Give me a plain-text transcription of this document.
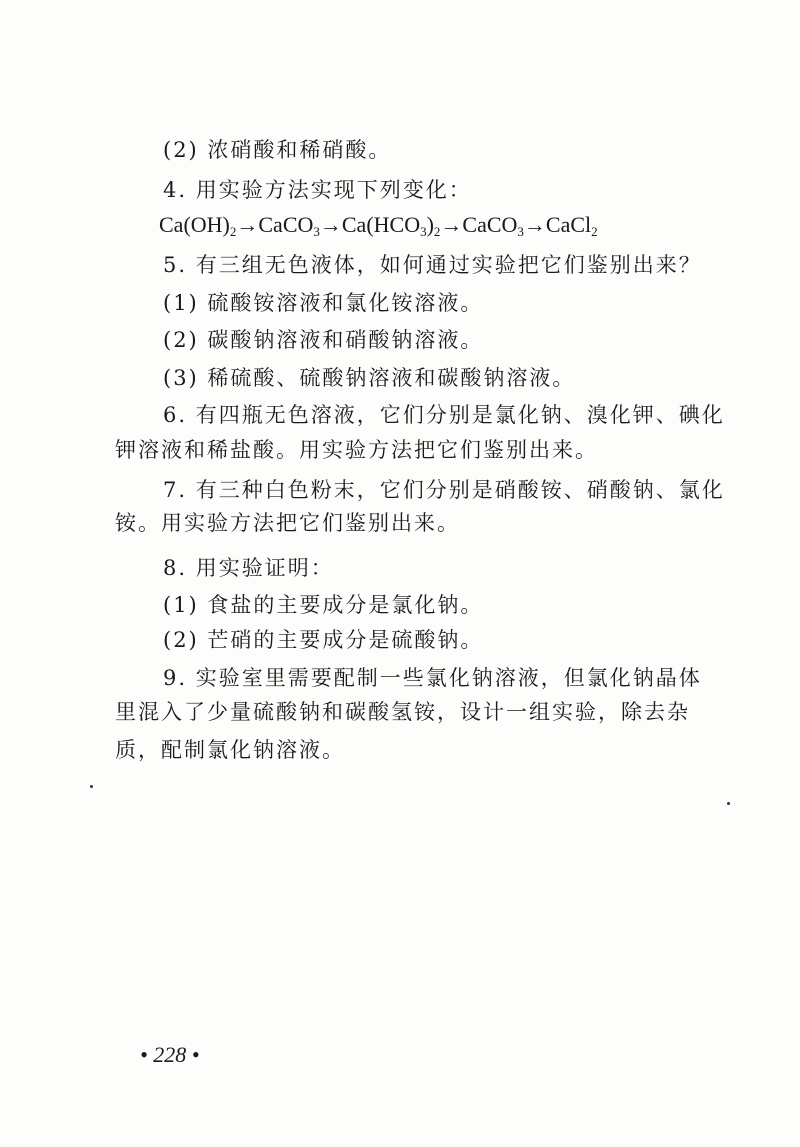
(2) 浓硝酸和稀硝酸。
4. 用实验方法实现下列变化：
$Ca(OH)_2\to CaCO_3\to Ca(HCO_3)_2\to CaCO_3\to CaCl_2$
5. 有三组无色液体，如何通过实验把它们鉴别出来？
(1) 硫酸铵溶液和氯化铵溶液。
(2) 碳酸钠溶液和硝酸钠溶液。
(3) 稀硫酸、硫酸钠溶液和碳酸钠溶液。
6. 有四瓶无色溶液，它们分别是氯化钠、溴化钾、碘化
钾溶液和稀盐酸。用实验方法把它们鉴别出来。
7. 有三种白色粉末，它们分别是硝酸铵、硝酸钠、氯化
铵。用实验方法把它们鉴别出来。
8. 用实验证明：
(1) 食盐的主要成分是氯化钠。
(2) 芒硝的主要成分是硫酸钠。
9. 实验室里需要配制一些氯化钠溶液，但氯化钠晶体
里混入了少量硫酸钠和碳酸氢铵，设计一组实验，除去杂
质，配制氯化钠溶液。
• 228 •
